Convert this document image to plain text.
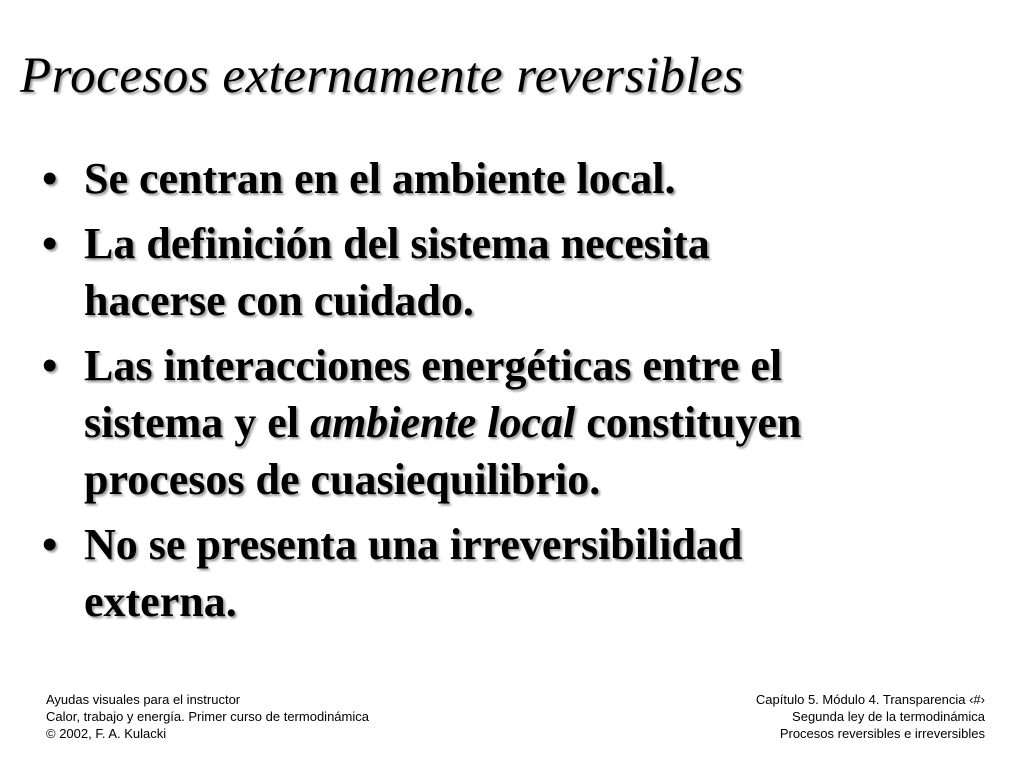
Procesos externamente reversibles
• Se centran en el ambiente local.
• La definición del sistema necesita
hacerse con cuidado.
• Las interacciones energéticas entre el
sistema y el ambiente local constituyen
procesos de cuasiequilibrio.
• No se presenta una irreversibilidad
externa.
Ayudas visuales para el instructor
Calor, trabajo y energía. Primer curso de termodinámica
© 2002, F. A. Kulacki
Capítulo 5. Módulo 4. Transparencia ‹#›
Segunda ley de la termodinámica
Procesos reversibles e irreversibles
